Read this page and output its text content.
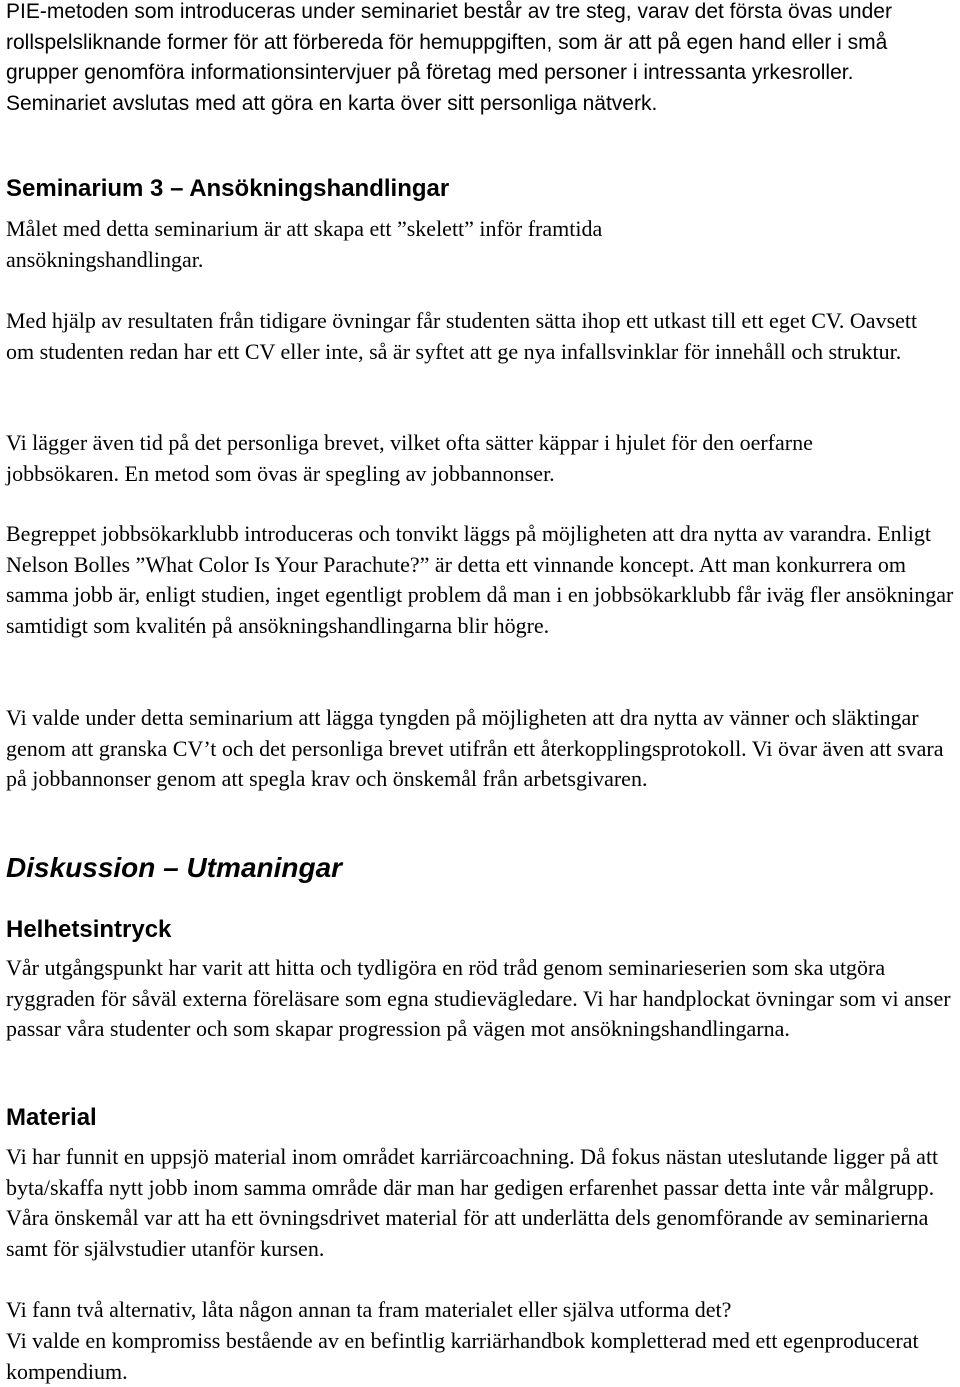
PIE-metoden som introduceras under seminariet består av tre steg, varav det första övas under rollspelsliknande former för att förbereda för hemuppgiften, som är att på egen hand eller i små grupper genomföra informationsintervjuer på företag med personer i intressanta yrkesroller. Seminariet avslutas med att göra en karta över sitt personliga nätverk.

Seminarium 3 – Ansökningshandlingar

Målet med detta seminarium är att skapa ett ”skelett” inför framtida ansökningshandlingar.

Med hjälp av resultaten från tidigare övningar får studenten sätta ihop ett utkast till ett eget CV. Oavsett om studenten redan har ett CV eller inte, så är syftet att ge nya infallsvinklar för innehåll och struktur.

Vi lägger även tid på det personliga brevet, vilket ofta sätter käppar i hjulet för den oerfarne jobbsökaren. En metod som övas är spegling av jobbannonser.

Begreppet jobbsökarklubb introduceras och tonvikt läggs på möjligheten att dra nytta av varandra. Enligt Nelson Bolles ”What Color Is Your Parachute?” är detta ett vinnande koncept. Att man konkurrera om samma jobb är, enligt studien, inget egentligt problem då man i en jobbsökarklubb får iväg fler ansökningar samtidigt som kvalitén på ansökningshandlingarna blir högre.

Vi valde under detta seminarium att lägga tyngden på möjligheten att dra nytta av vänner och släktingar genom att granska CV’t och det personliga brevet utifrån ett återkopplingsprotokoll. Vi övar även att svara på jobbannonser genom att spegla krav och önskemål från arbetsgivaren.

Diskussion – Utmaningar
Helhetsintryck

Vår utgångspunkt har varit att hitta och tydligöra en röd tråd genom seminarieserien som ska utgöra ryggraden för såväl externa föreläsare som egna studievägledare. Vi har handplockat övningar som vi anser passar våra studenter och som skapar progression på vägen mot ansökningshandlingarna.

Material

Vi har funnit en uppsjö material inom området karriärcoachning. Då fokus nästan uteslutande ligger på att byta/skaffa nytt jobb inom samma område där man har gedigen erfarenhet passar detta inte vår målgrupp. Våra önskemål var att ha ett övningsdrivet material för att underlätta dels genomförande av seminarierna samt för självstudier utanför kursen.

Vi fann två alternativ, låta någon annan ta fram materialet eller själva utforma det?

Vi valde en kompromiss bestående av en befintlig karriärhandbok kompletterad med ett egenproducerat kompendium.
